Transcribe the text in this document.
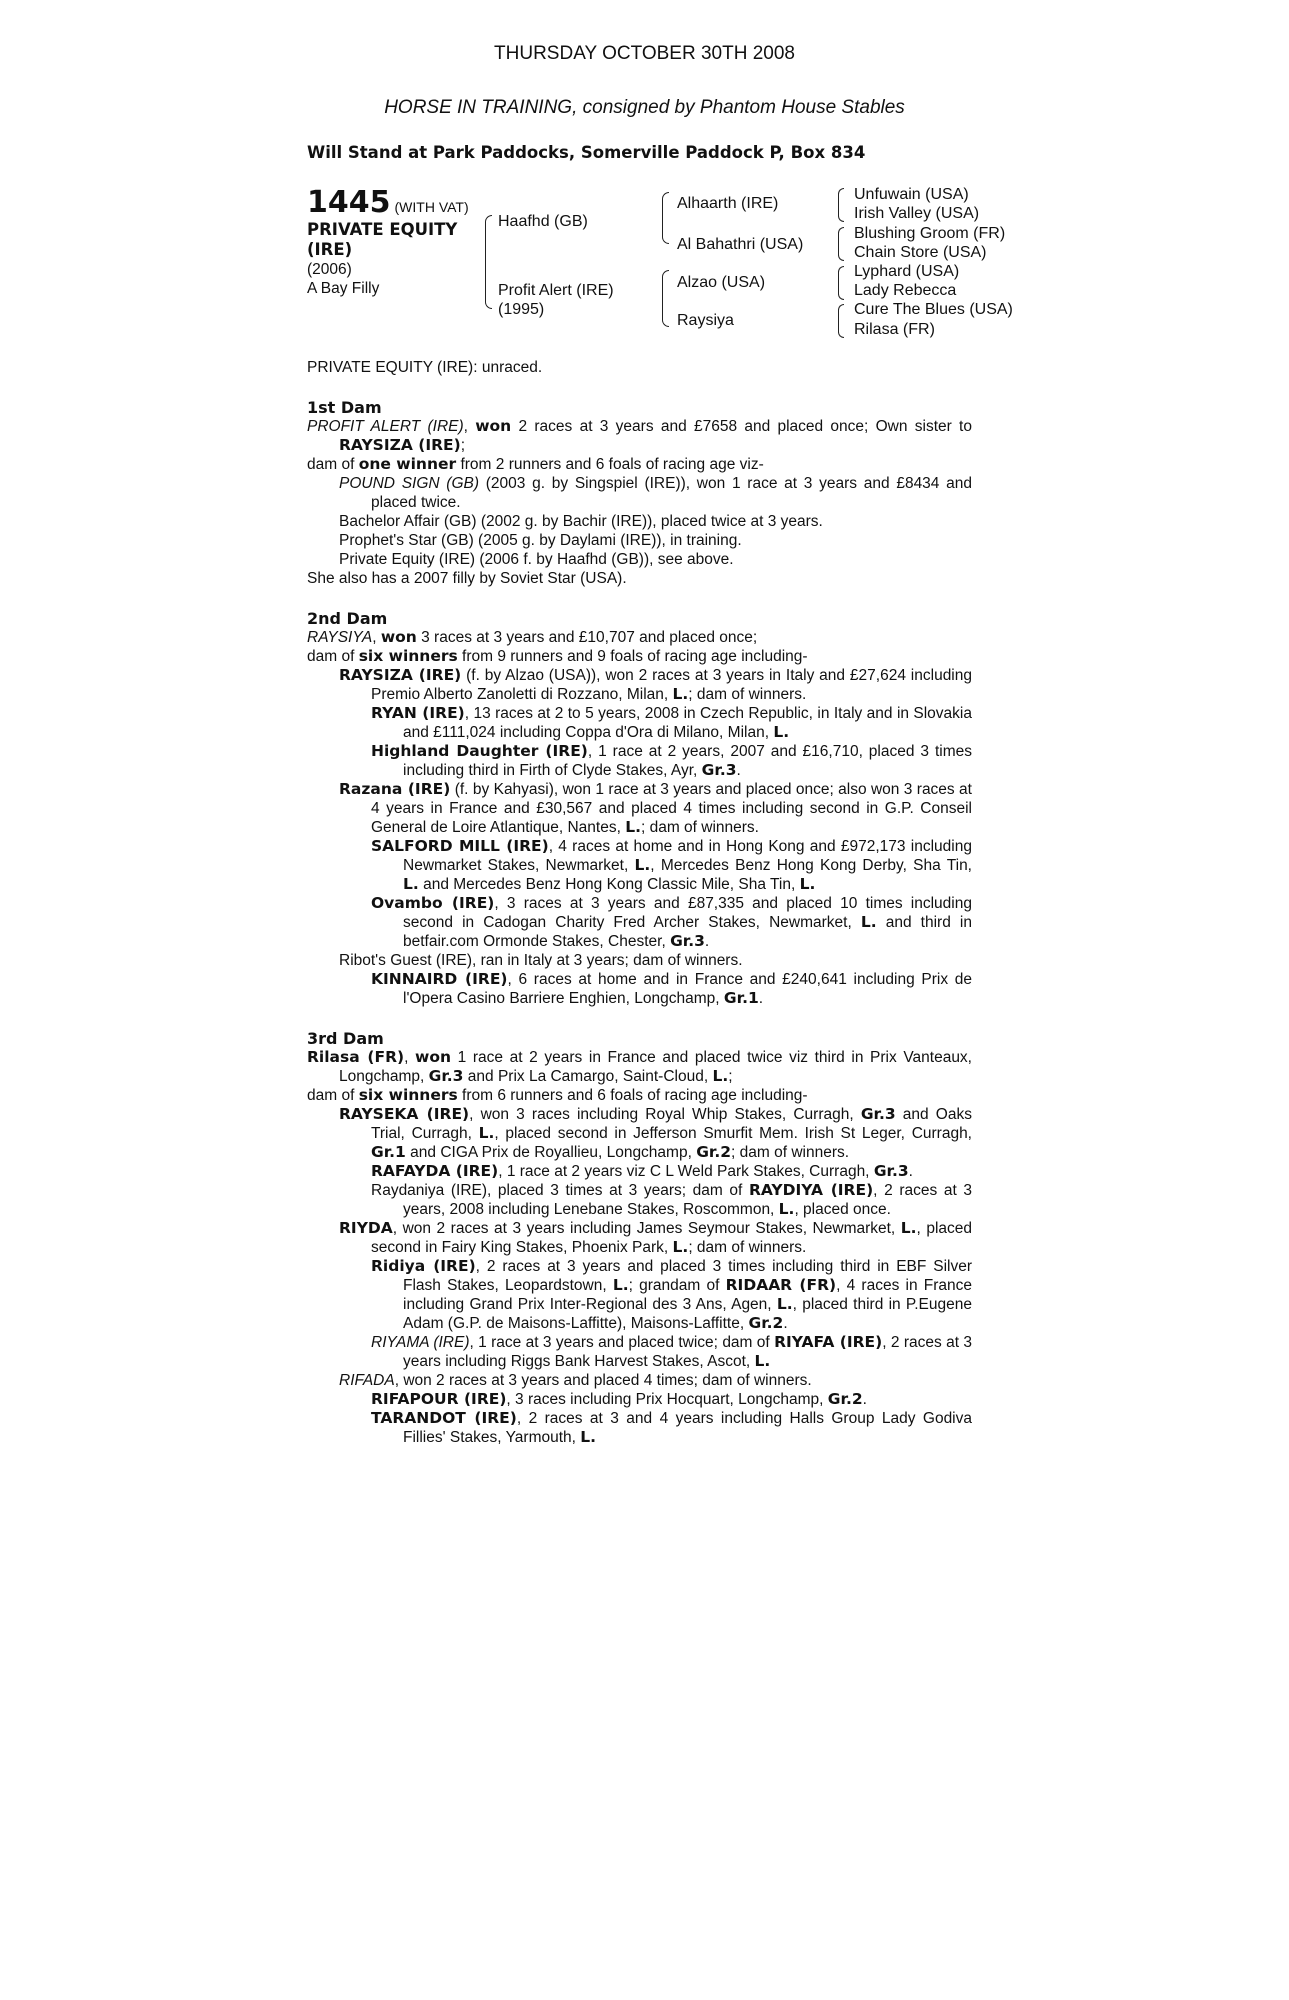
THURSDAY OCTOBER 30TH 2008
HORSE IN TRAINING, consigned by Phantom House Stables
Will Stand at Park Paddocks, Somerville Paddock P, Box 834
1445 (WITH VAT)
PRIVATE EQUITY
(IRE)
(2006)
A Bay Filly
Haafhd (GB)
Profit Alert (IRE)
(1995)
Alhaarth (IRE)
Al Bahathri (USA)
Alzao (USA)
Raysiya
Unfuwain (USA)
Irish Valley (USA)
Blushing Groom (FR)
Chain Store (USA)
Lyphard (USA)
Lady Rebecca
Cure The Blues (USA)
Rilasa (FR)

PRIVATE EQUITY (IRE): unraced.

1st Dam

PROFIT ALERT (IRE), won 2 races at 3 years and £7658 and placed once; Own sister to RAYSIZA (IRE);

dam of one winner from 2 runners and 6 foals of racing age viz-

POUND SIGN (GB) (2003 g. by Singspiel (IRE)), won 1 race at 3 years and £8434 and placed twice.

Bachelor Affair (GB) (2002 g. by Bachir (IRE)), placed twice at 3 years.

Prophet's Star (GB) (2005 g. by Daylami (IRE)), in training.

Private Equity (IRE) (2006 f. by Haafhd (GB)), see above.

She also has a 2007 filly by Soviet Star (USA).

2nd Dam

RAYSIYA, won 3 races at 3 years and £10,707 and placed once;

dam of six winners from 9 runners and 9 foals of racing age including-

RAYSIZA (IRE) (f. by Alzao (USA)), won 2 races at 3 years in Italy and £27,624 including Premio Alberto Zanoletti di Rozzano, Milan, L.; dam of winners.

RYAN (IRE), 13 races at 2 to 5 years, 2008 in Czech Republic, in Italy and in Slovakia and £111,024 including Coppa d'Ora di Milano, Milan, L.

Highland Daughter (IRE), 1 race at 2 years, 2007 and £16,710, placed 3 times including third in Firth of Clyde Stakes, Ayr, Gr.3.

Razana (IRE) (f. by Kahyasi), won 1 race at 3 years and placed once; also won 3 races at 4 years in France and £30,567 and placed 4 times including second in G.P. Conseil General de Loire Atlantique, Nantes, L.; dam of winners.

SALFORD MILL (IRE), 4 races at home and in Hong Kong and £972,173 including Newmarket Stakes, Newmarket, L., Mercedes Benz Hong Kong Derby, Sha Tin, L. and Mercedes Benz Hong Kong Classic Mile, Sha Tin, L.

Ovambo (IRE), 3 races at 3 years and £87,335 and placed 10 times including second in Cadogan Charity Fred Archer Stakes, Newmarket, L. and third in betfair.com Ormonde Stakes, Chester, Gr.3.

Ribot's Guest (IRE), ran in Italy at 3 years; dam of winners.

KINNAIRD (IRE), 6 races at home and in France and £240,641 including Prix de l'Opera Casino Barriere Enghien, Longchamp, Gr.1.

3rd Dam

Rilasa (FR), won 1 race at 2 years in France and placed twice viz third in Prix Vanteaux, Longchamp, Gr.3 and Prix La Camargo, Saint-Cloud, L.;

dam of six winners from 6 runners and 6 foals of racing age including-

RAYSEKA (IRE), won 3 races including Royal Whip Stakes, Curragh, Gr.3 and Oaks Trial, Curragh, L., placed second in Jefferson Smurfit Mem. Irish St Leger, Curragh, Gr.1 and CIGA Prix de Royallieu, Longchamp, Gr.2; dam of winners.

RAFAYDA (IRE), 1 race at 2 years viz C L Weld Park Stakes, Curragh, Gr.3.

Raydaniya (IRE), placed 3 times at 3 years; dam of RAYDIYA (IRE), 2 races at 3 years, 2008 including Lenebane Stakes, Roscommon, L., placed once.

RIYDA, won 2 races at 3 years including James Seymour Stakes, Newmarket, L., placed second in Fairy King Stakes, Phoenix Park, L.; dam of winners.

Ridiya (IRE), 2 races at 3 years and placed 3 times including third in EBF Silver Flash Stakes, Leopardstown, L.; grandam of RIDAAR (FR), 4 races in France including Grand Prix Inter-Regional des 3 Ans, Agen, L., placed third in P.Eugene Adam (G.P. de Maisons-Laffitte), Maisons-Laffitte, Gr.2.

RIYAMA (IRE), 1 race at 3 years and placed twice; dam of RIYAFA (IRE), 2 races at 3 years including Riggs Bank Harvest Stakes, Ascot, L.

RIFADA, won 2 races at 3 years and placed 4 times; dam of winners.

RIFAPOUR (IRE), 3 races including Prix Hocquart, Longchamp, Gr.2.

TARANDOT (IRE), 2 races at 3 and 4 years including Halls Group Lady Godiva Fillies' Stakes, Yarmouth, L.
